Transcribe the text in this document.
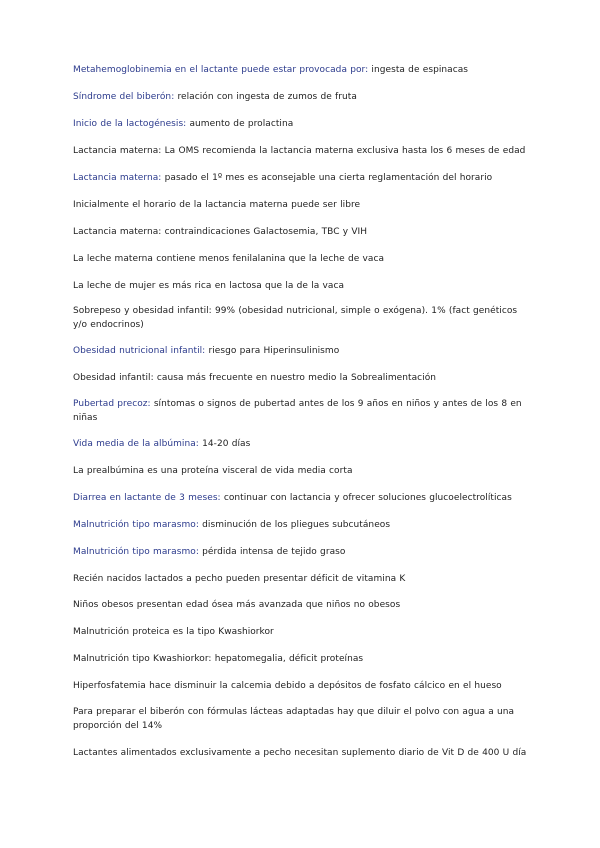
Metahemoglobinemia en el lactante puede estar provocada por: ingesta de espinacas

Síndrome del biberón: relación con ingesta de zumos de fruta

Inicio de la lactogénesis: aumento de prolactina

Lactancia materna: La OMS recomienda la lactancia materna exclusiva hasta los 6 meses de edad

Lactancia materna: pasado el 1º mes es aconsejable una cierta reglamentación del horario

Inicialmente el horario de la lactancia materna puede ser libre

Lactancia materna: contraindicaciones Galactosemia, TBC y VIH

La leche materna contiene menos fenilalanina que la leche de vaca

La leche de mujer es más rica en lactosa que la de la vaca

Sobrepeso y obesidad infantil: 99% (obesidad nutricional, simple o exógena). 1% (fact genéticos y/o endocrinos)

Obesidad nutricional infantil: riesgo para Hiperinsulinismo

Obesidad infantil: causa más frecuente en nuestro medio la Sobrealimentación

Pubertad precoz: síntomas o signos de pubertad antes de los 9 años en niños y antes de los 8 en niñas

Vida media de la albúmina: 14-20 días

La prealbúmina es una proteína visceral de vida media corta

Diarrea en lactante de 3 meses: continuar con lactancia y ofrecer soluciones glucoelectrolíticas

Malnutrición tipo marasmo: disminución de los pliegues subcutáneos

Malnutrición tipo marasmo: pérdida intensa de tejido graso

Recién nacidos lactados a pecho pueden presentar déficit de vitamina K

Niños obesos presentan edad ósea más avanzada que niños no obesos

Malnutrición proteica es la tipo Kwashiorkor

Malnutrición tipo Kwashiorkor: hepatomegalia, déficit proteínas

Hiperfosfatemia hace disminuir la calcemia debido a depósitos de fosfato cálcico en el hueso

Para preparar el biberón con fórmulas lácteas adaptadas hay que diluir el polvo con agua a una proporción del 14%

Lactantes alimentados exclusivamente a pecho necesitan suplemento diario de Vit D de 400 U día
